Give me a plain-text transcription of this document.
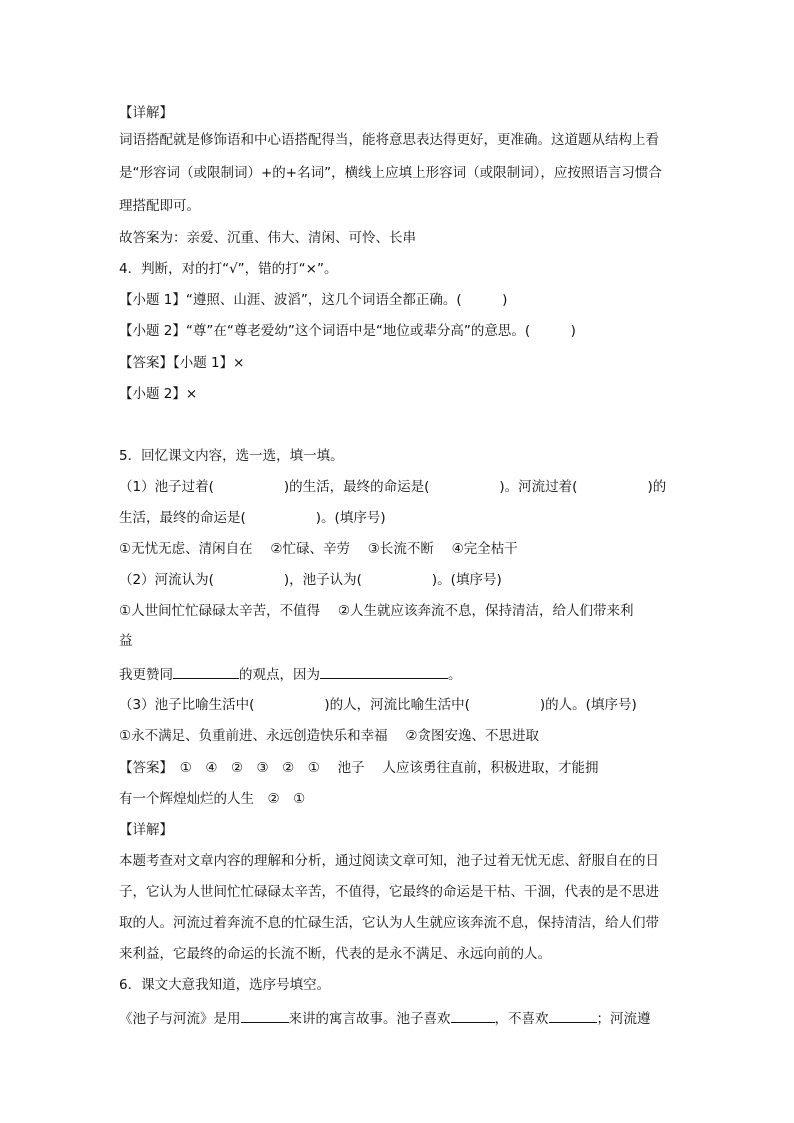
【详解】
词语搭配就是修饰语和中心语搭配得当，能将意思表达得更好，更准确。这道题从结构上看
是“形容词（或限制词）+的+名词”，横线上应填上形容词（或限制词），应按照语言习惯合
理搭配即可。
故答案为：亲爱、沉重、伟大、清闲、可怜、长串
4．判断，对的打“√”，错的打“×”。
【小题 1】“遵照、山涯、波滔”，这几个词语全都正确。(　　　)
【小题 2】“尊”在“尊老爱幼”这个词语中是“地位或辈分高”的意思。(　　　)
【答案】【小题 1】×
【小题 2】×
5．回忆课文内容，选一选，填一填。
（1）池子过着(	)的生活，最终的命运是(	)。河流过着(	)的
生活，最终的命运是(	)。(填序号)
①无忧无虑、清闲自在　 ②忙碌、辛劳　 ③长流不断　 ④完全枯干
（2）河流认为(	)，池子认为(	)。(填序号)
①人世间忙忙碌碌太辛苦，不值得　 ②人生就应该奔流不息，保持清洁，给人们带来利
益
我更赞同	的观点，因为	。
（3）池子比喻生活中(	)的人，河流比喻生活中(	)的人。(填序号)
①永不满足、负重前进、永远创造快乐和幸福　 ②贪图安逸、不思进取
【答案】　①　④　②　③　②　①　 池子　 人应该勇往直前，积极进取，才能拥
有一个辉煌灿烂的人生　②　①
【详解】
本题考查对文章内容的理解和分析，通过阅读文章可知，池子过着无忧无虑、舒服自在的日
子，它认为人世间忙忙碌碌太辛苦，不值得，它最终的命运是干枯、干涸，代表的是不思进
取的人。河流过着奔流不息的忙碌生活，它认为人生就应该奔流不息，保持清洁，给人们带
来利益，它最终的命运的长流不断，代表的是永不满足、永远向前的人。
6．课文大意我知道，选序号填空。
《池子与河流》是用	来讲的寓言故事。池子喜欢	，不喜欢	；河流遵
